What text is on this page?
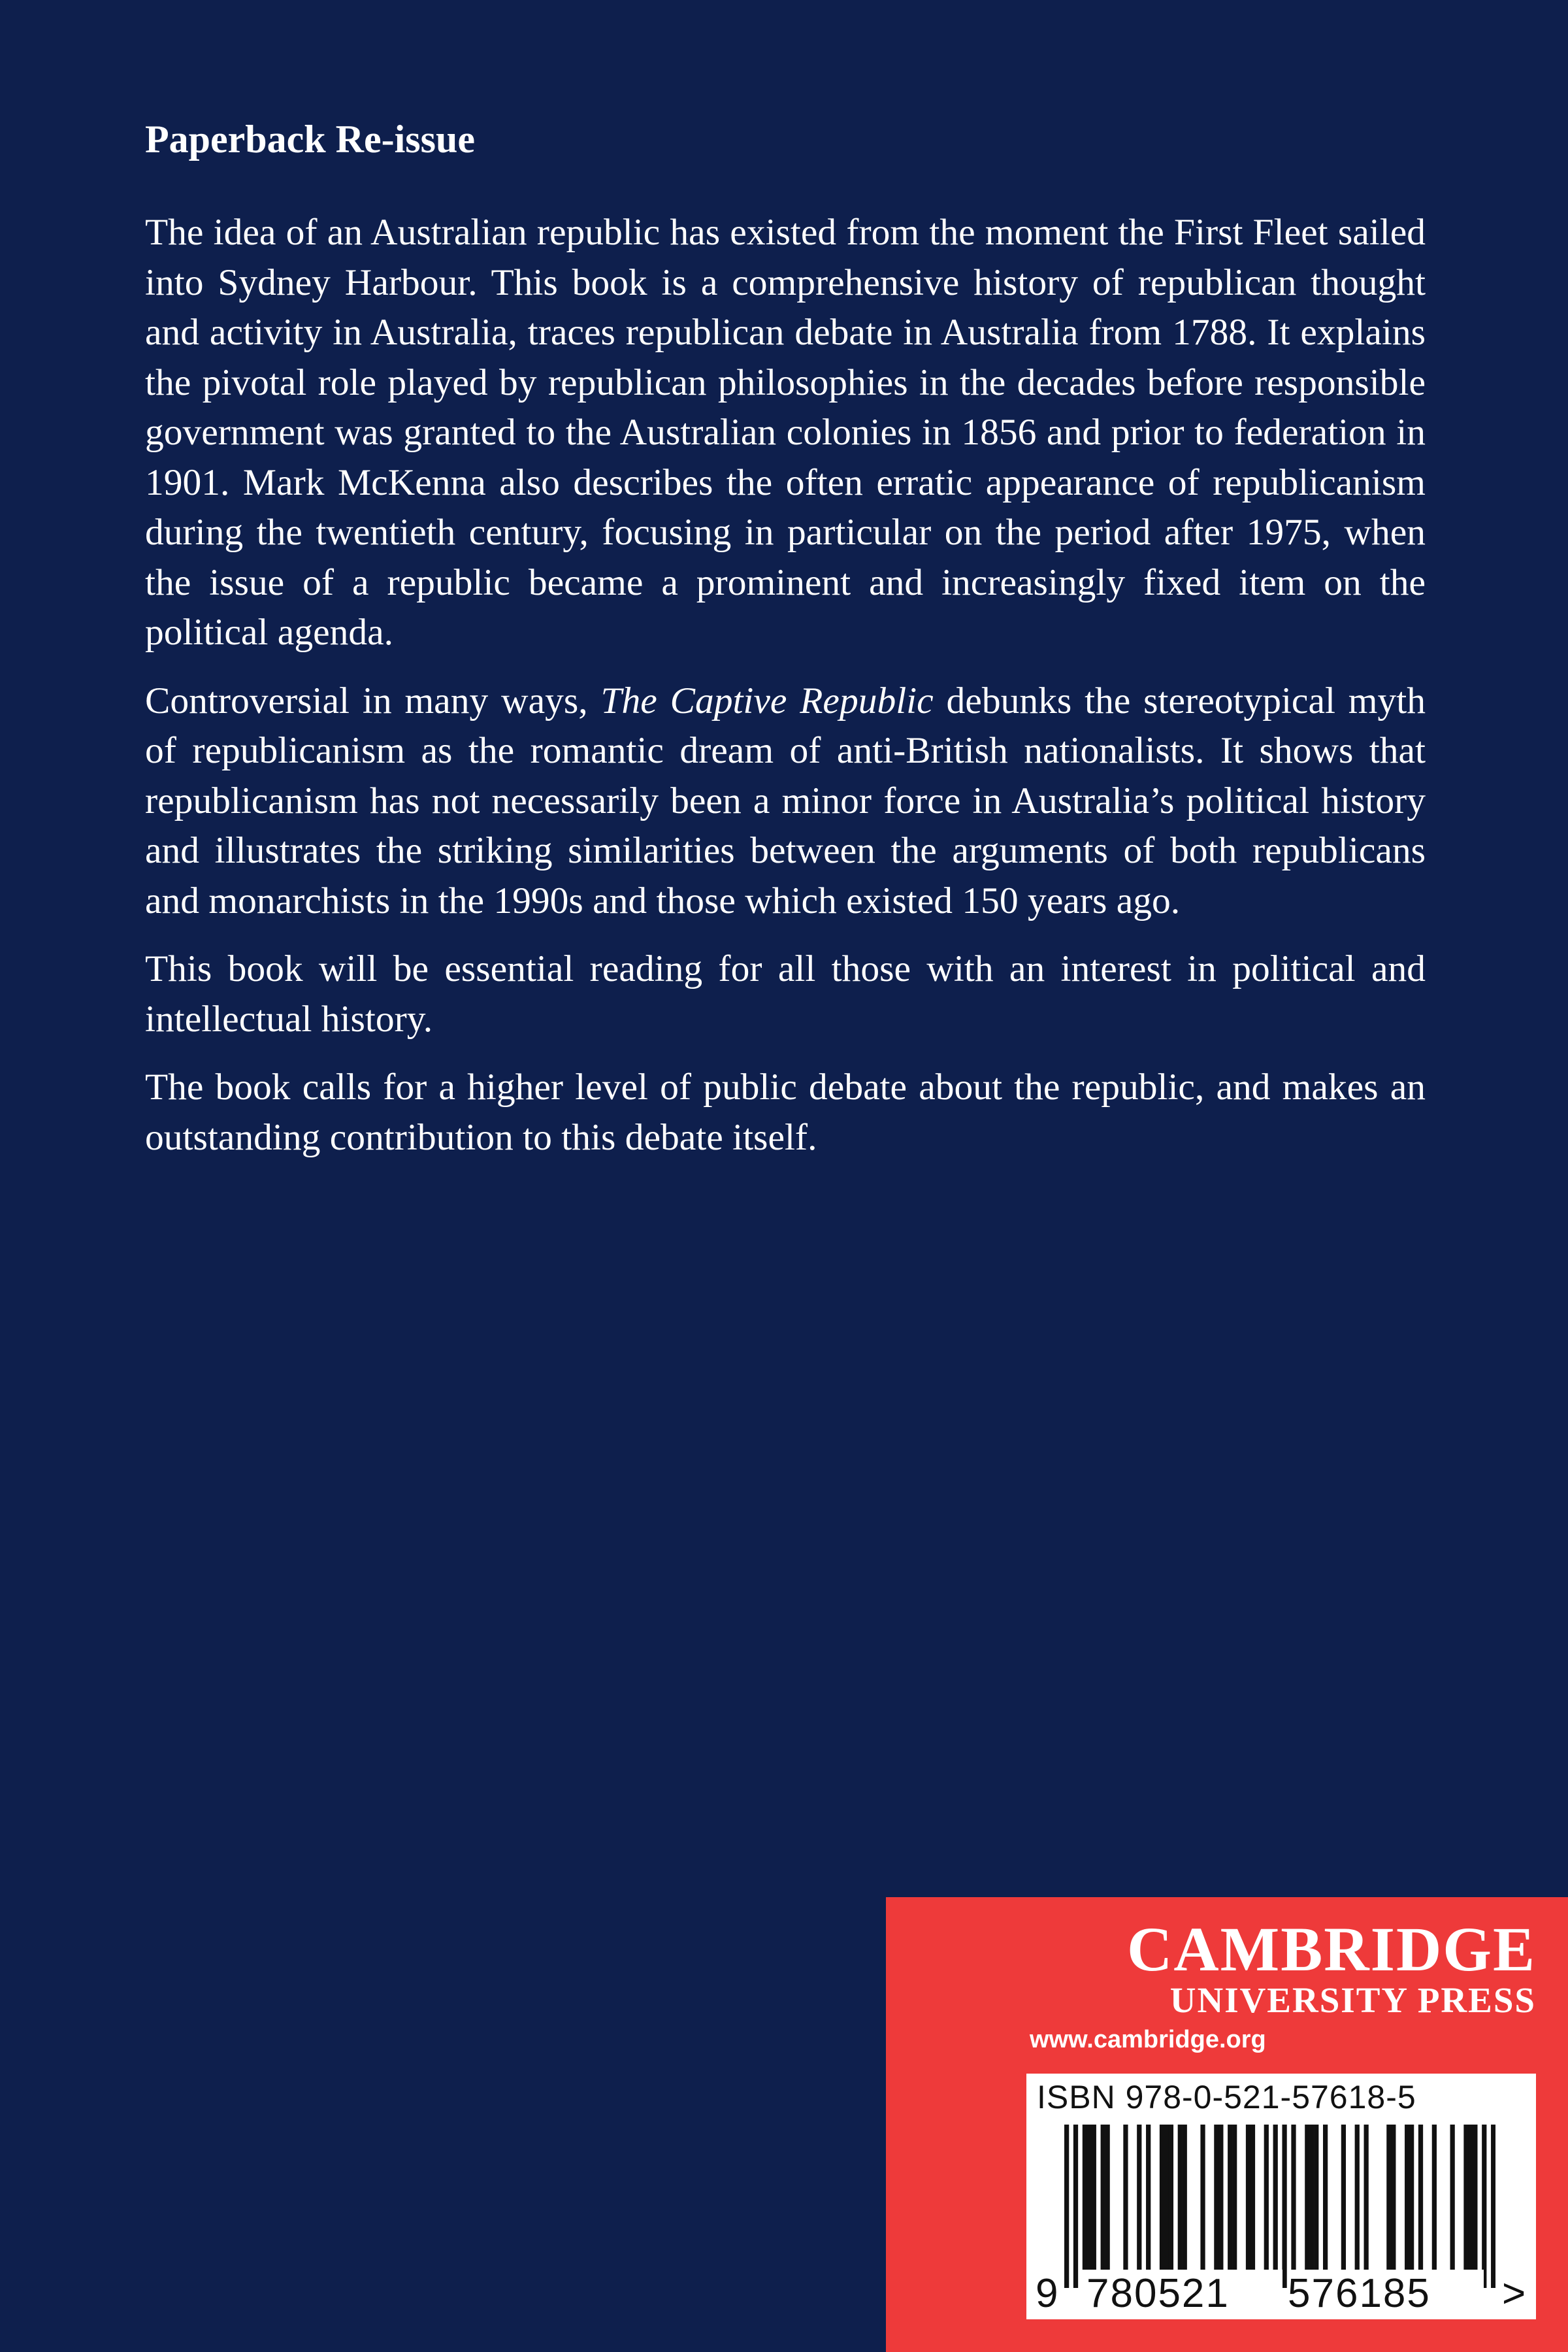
Paperback Re-issue

The idea of an Australian republic has existed from the moment the First Fleet sailed into Sydney Harbour. This book is a comprehensive history of republican thought and activity in Australia, traces republican debate in Australia from 1788. It explains the pivotal role played by republican philosophies in the decades before responsible government was granted to the Australian colonies in 1856 and prior to federation in 1901. Mark McKenna also describes the often erratic appearance of republicanism during the twentieth century, focusing in particular on the period after 1975, when the issue of a republic became a prominent and increasingly fixed item on the political agenda.

Controversial in many ways, The Captive Republic debunks the stereotypical myth of republicanism as the romantic dream of anti-British nationalists. It shows that republicanism has not necessarily been a minor force in Australia’s political history and illustrates the striking similarities between the arguments of both republicans and monarchists in the 1990s and those which existed 150 years ago.

This book will be essential reading for all those with an interest in political and intellectual history.

The book calls for a higher level of public debate about the republic, and makes an outstanding contribution to this debate itself.

CAMBRIDGE
UNIVERSITY PRESS
www.cambridge.org
ISBN 978-0-521-57618-5
9 780521	576185	>
